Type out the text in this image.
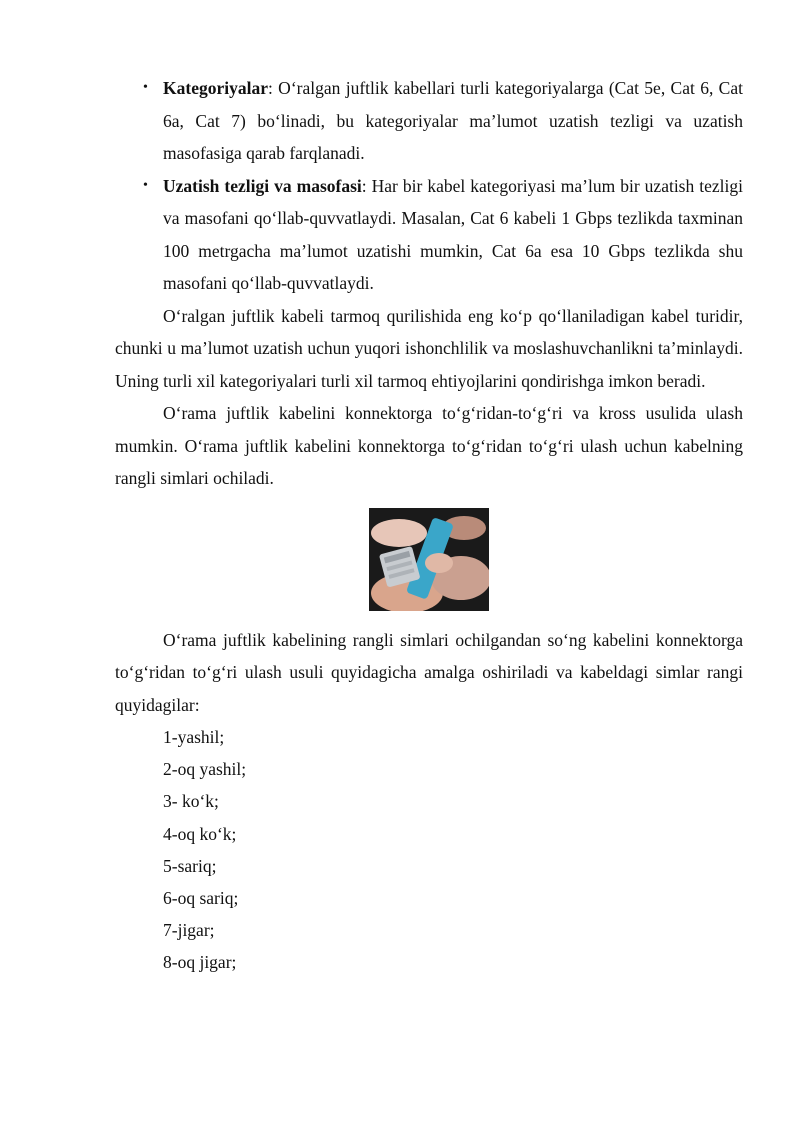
• Kategoriyalar: O‘ralgan juftlik kabellari turli kategoriyalarga (Cat 5e, Cat 6, Cat 6a, Cat 7) bo‘linadi, bu kategoriyalar ma’lumot uzatish tezligi va uzatish masofasiga qarab farqlanadi.

• Uzatish tezligi va masofasi: Har bir kabel kategoriyasi ma’lum bir uzatish tezligi va masofani qo‘llab-quvvatlaydi. Masalan, Cat 6 kabeli 1 Gbps tezlikda taxminan 100 metrgacha ma’lumot uzatishi mumkin, Cat 6a esa 10 Gbps tezlikda shu masofani qo‘llab-quvvatlaydi.

O‘ralgan juftlik kabeli tarmoq qurilishida eng ko‘p qo‘llaniladigan kabel turidir, chunki u ma’lumot uzatish uchun yuqori ishonchlilik va moslashuvchanlikni ta’minlaydi. Uning turli xil kategoriyalari turli xil tarmoq ehtiyojlarini qondirishga imkon beradi.

O‘rama juftlik kabelini konnektorga to‘g‘ridan-to‘g‘ri va kross usulida ulash mumkin. O‘rama juftlik kabelini konnektorga to‘g‘ridan to‘g‘ri ulash uchun kabelning rangli simlari ochiladi.

O‘rama juftlik kabelining rangli simlari ochilgandan so‘ng kabelini konnektorga to‘g‘ridan to‘g‘ri ulash usuli quyidagicha amalga oshiriladi va kabeldagi simlar rangi quyidagilar:

1-yashil;
2-oq yashil;
3- ko‘k;
4-oq ko‘k;
5-sariq;
6-oq sariq;
7-jigar;
8-oq jigar;
